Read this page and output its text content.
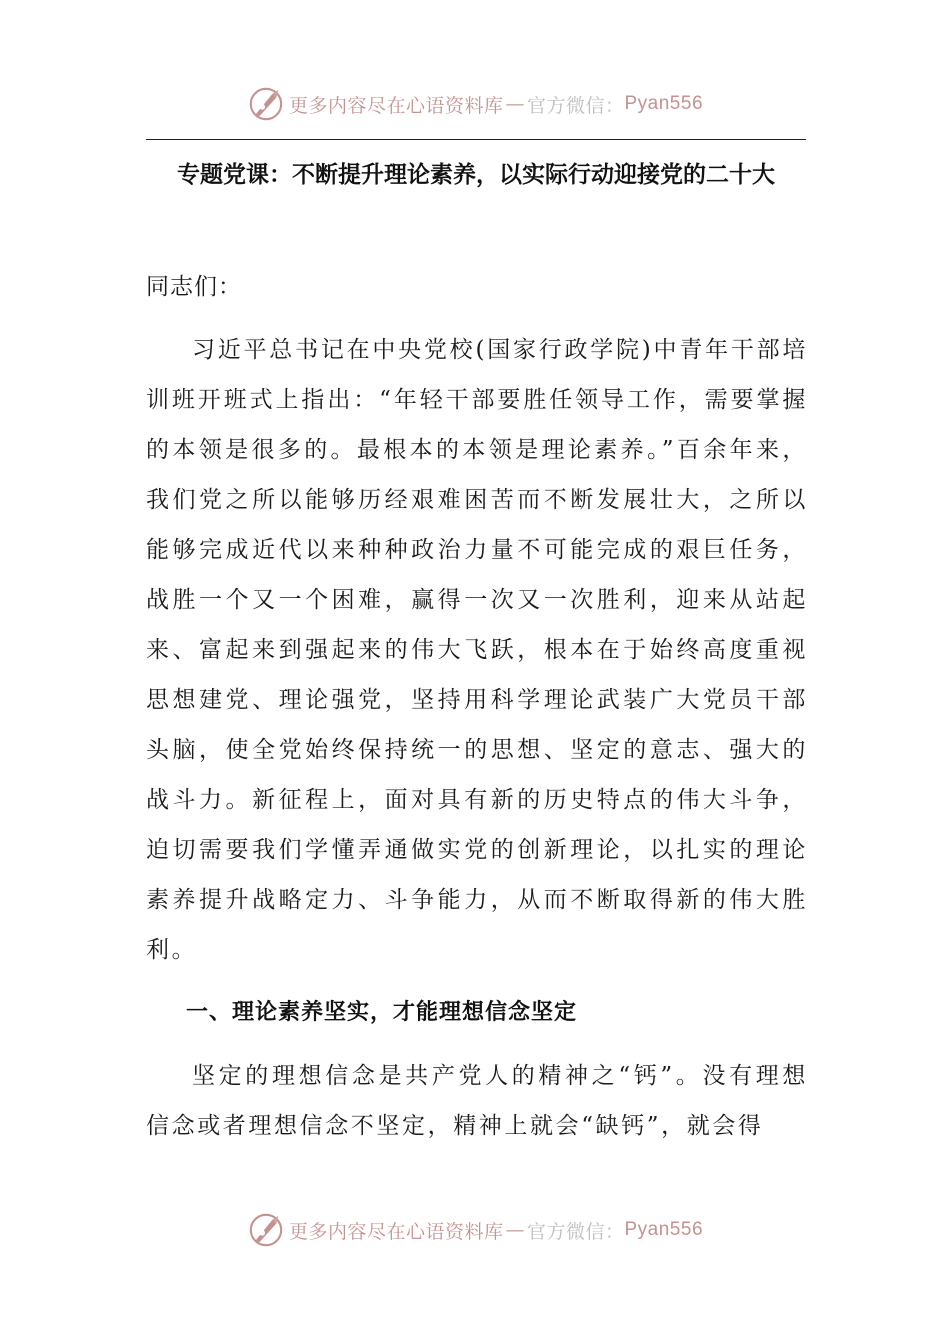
更多内容尽在心语资料库 — 官方微信： Pyan556
专题党课：不断提升理论素养，以实际行动迎接党的二十大

同志们：

习近平总书记在中央党校(国家行政学院)中青年干部培训班开班式上指出：“年轻干部要胜任领导工作，需要掌握的本领是很多的。最根本的本领是理论素养。”百余年来，我们党之所以能够历经艰难困苦而不断发展壮大，之所以能够完成近代以来种种政治力量不可能完成的艰巨任务，战胜一个又一个困难，赢得一次又一次胜利，迎来从站起来、富起来到强起来的伟大飞跃，根本在于始终高度重视思想建党、理论强党，坚持用科学理论武装广大党员干部头脑，使全党始终保持统一的思想、坚定的意志、强大的战斗力。新征程上，面对具有新的历史特点的伟大斗争，迫切需要我们学懂弄通做实党的创新理论，以扎实的理论素养提升战略定力、斗争能力，从而不断取得新的伟大胜利。

一、理论素养坚实，才能理想信念坚定

坚定的理想信念是共产党人的精神之“钙”。没有理想信念或者理想信念不坚定，精神上就会“缺钙”，就会得

更多内容尽在心语资料库 — 官方微信： Pyan556
